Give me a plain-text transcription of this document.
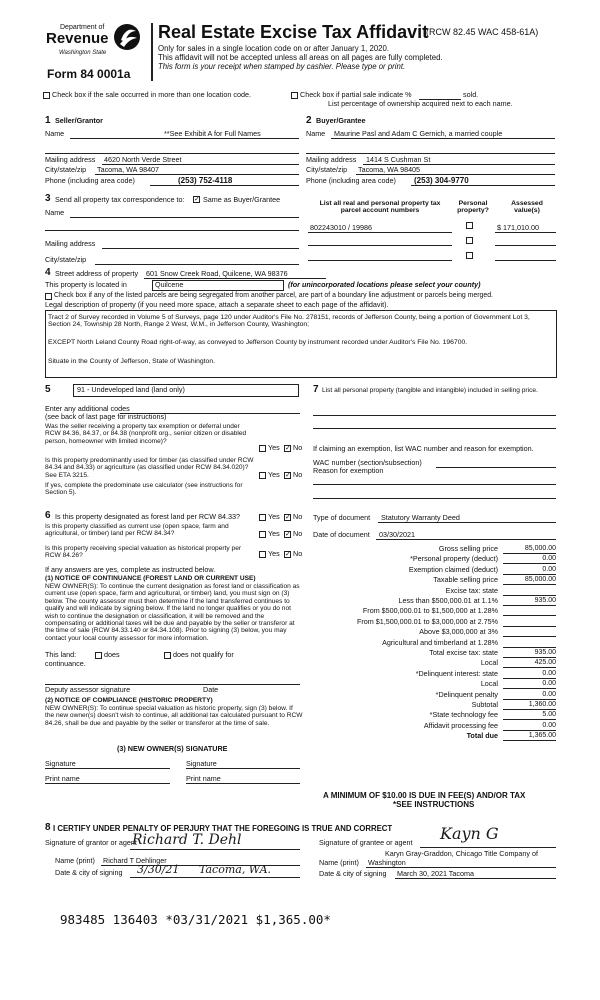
Department of
Revenue
Washington State
Form 84 0001a
Real Estate Excise Tax Affidavit
(RCW 82.45 WAC 458-61A)
Only for sales in a single location code on or after January 1, 2020.
This affidavit will not be accepted unless all areas on all pages are fully completed.
This form is your receipt when stamped by cashier. Please type or print.
Check box if the sale occurred in more than one location code.	Check box if partial sale indicate %	sold.
List percentage of ownership acquired next to each name.
1 Seller/Grantor
Name	**See Exhibit A for Full Names
Mailing address 4620 North Verde Street
City/state/zip Tacoma, WA 98407
Phone (including area code)	(253) 752-4118
2 Buyer/Grantee
Name Maurine Pasl and Adam C Gernich, a married couple
Mailing address 1414 S Cushman St
City/state/zip Tacoma, WA 98405
Phone (including area code) (253) 304-9770
3 Send all property tax correspondence to: ✓ Same as Buyer/Grantee
Name
Mailing address
City/state/zip
List all real and personal property tax parcel account numbers
Personal property?
Assessed value(s)
802243010 / 19986	$ 171,010.00
4 Street address of property 601 Snow Creek Road, Quilcene, WA 98376
This property is located in	Quilcene	(for unincorporated locations please select your county)
Check box if any of the listed parcels are being segregated from another parcel, are part of a boundary line adjustment or parcels being merged.
Legal description of property (if you need more space, attach a separate sheet to each page of the affidavit).
Tract 2 of Survey recorded in Volume 5 of Surveys, page 120 under Auditor's File No. 278151, records of Jefferson County, being a portion of Government Lot 3, Section 24, Township 28 North, Range 2 West, W.M., in Jefferson County, Washington;
EXCEPT North Leland County Road right-of-way, as conveyed to Jefferson County by instrument recorded under Auditor's File No. 196700.
Situate in the County of Jefferson, State of Washington.
5	91 - Undeveloped land (land only)
Enter any additional codes
(see back of last page for instructions)
Was the seller receiving a property tax exemption or deferral under RCW 84.36, 84.37, or 84.38 (nonprofit org., senior citizen or disabled person, homeowner with limited income)?
Yes ✓ No
Is this property predominantly used for timber (as classified under RCW 84.34 and 84.33) or agriculture (as classified under RCW 84.34.020)? See ETA 3215.	Yes ✓ No
If yes, complete the predominate use calculator (see instructions for Section 5).
7 List all personal property (tangible and intangible) included in selling price.
If claiming an exemption, list WAC number and reason for exemption.
WAC number (section/subsection)
Reason for exemption
6 Is this property designated as forest land per RCW 84.33?	Yes ✓ No
Is this property classified as current use (open space, farm and agricultural, or timber) land per RCW 84.34?	Yes ✓ No
Is this property receiving special valuation as historical property per RCW 84.26?	Yes ✓ No
If any answers are yes, complete as instructed below.
(1) NOTICE OF CONTINUANCE (FOREST LAND OR CURRENT USE)
NEW OWNER(S): To continue the current designation as forest land or classification as current use (open space, farm and agricultural, or timber) land, you must sign on (3) below. The county assessor must then determine if the land transferred continues to qualify and will indicate by signing below. If the land no longer qualifies or you do not wish to continue the designation or classification, it will be removed and the compensating or additional taxes will be due and payable by the seller or transferor at the time of sale (RCW 84.33.140 or 84.34.108). Prior to signing (3) below, you may contact your local county assessor for more information.
This land:	does	does not qualify for
continuance.
Deputy assessor signature	Date
(2) NOTICE OF COMPLIANCE (HISTORIC PROPERTY)
NEW OWNER(S): To continue special valuation as historic property, sign (3) below. If the new owner(s) doesn't wish to continue, all additional tax calculated pursuant to RCW 84.26, shall be due and payable by the seller or transferor at the time of sale.
(3) NEW OWNER(S) SIGNATURE
Signature	Signature
Print name	Print name
Type of document Statutory Warranty Deed
Date of document 03/30/2021
Gross selling price	85,000.00
*Personal property (deduct)	0.00
Exemption claimed (deduct)	0.00
Taxable selling price	85,000.00
Excise tax: state
Less than $500,000.01 at 1.1%	935.00
From $500,000.01 to $1,500,000 at 1.28%
From $1,500,000.01 to $3,000,000 at 2.75%
Above $3,000,000 at 3%
Agricultural and timberland at 1.28%
Total excise tax: state	935.00
Local	425.00
*Delinquent interest: state	0.00
Local	0.00
*Delinquent penalty	0.00
Subtotal	1,360.00
*State technology fee	5.00
Affidavit processing fee	0.00
Total due	1,365.00
A MINIMUM OF $10.00 IS DUE IN FEE(S) AND/OR TAX
*SEE INSTRUCTIONS
8 I CERTIFY UNDER PENALTY OF PERJURY THAT THE FOREGOING IS TRUE AND CORRECT
Signature of grantor or agent
Richard T. Dehl
Name (print) Richard T Dehlinger
Date & city of signing 3/30/21 Tacoma, WA.
Signature of grantee or agent Kayn G
Karyn Gray-Graddon, Chicago Title Company of
Name (print) Washington
Date & city of signing March 30, 2021 Tacoma
983485 136403 *03/31/2021 $1,365.00*
